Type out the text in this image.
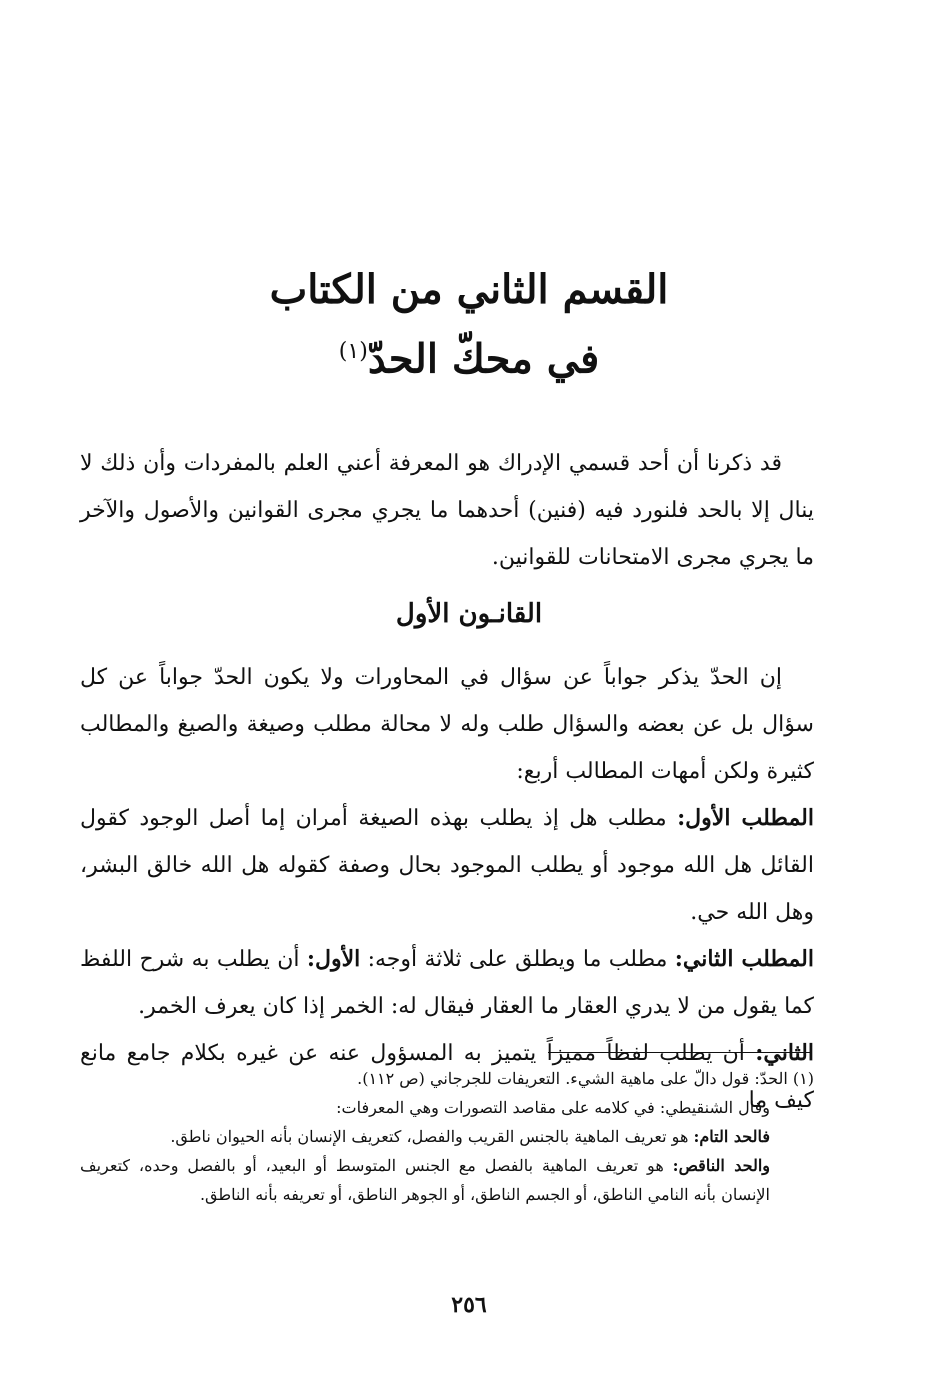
القسم الثاني من الكتاب
في محكّ الحدّ$^{(١)}$

قد ذكرنا أن أحد قسمي الإدراك هو المعرفة أعني العلم بالمفردات وأن ذلك لا ينال إلا بالحد فلنورد فيه (فنين) أحدهما ما يجري مجرى القوانين والأصول والآخر ما يجري مجرى الامتحانات للقوانين.

القانـون الأول

إن الحدّ يذكر جواباً عن سؤال في المحاورات ولا يكون الحدّ جواباً عن كل سؤال بل عن بعضه والسؤال طلب وله لا محالة مطلب وصيغة والصيغ والمطالب كثيرة ولكن أمهات المطالب أربع:

المطلب الأول: مطلب هل إذ يطلب بهذه الصيغة أمران إما أصل الوجود كقول القائل هل الله موجود أو يطلب الموجود بحال وصفة كقوله هل الله خالق البشر، وهل الله حي.

المطلب الثاني: مطلب ما ويطلق على ثلاثة أوجه: الأول: أن يطلب به شرح اللفظ كما يقول من لا يدري العقار ما العقار فيقال له: الخمر إذا كان يعرف الخمر.
الثاني: أن يطلب لفظاً مميزاً يتميز به المسؤول عنه عن غيره بكلام جامع مانع كيف ما

(١) الحدّ: قول دالّ على ماهية الشيء. التعريفات للجرجاني (ص ١١٢).

وقال الشنقيطي: في كلامه على مقاصد التصورات وهي المعرفات:

فالحد التام: هو تعريف الماهية بالجنس القريب والفصل، كتعريف الإنسان بأنه الحيوان ناطق.

والحد الناقص: هو تعريف الماهية بالفصل مع الجنس المتوسط أو البعيد، أو بالفصل وحده، كتعريف الإنسان بأنه النامي الناطق، أو الجسم الناطق، أو الجوهر الناطق، أو تعريفه بأنه الناطق.

٢٥٦
